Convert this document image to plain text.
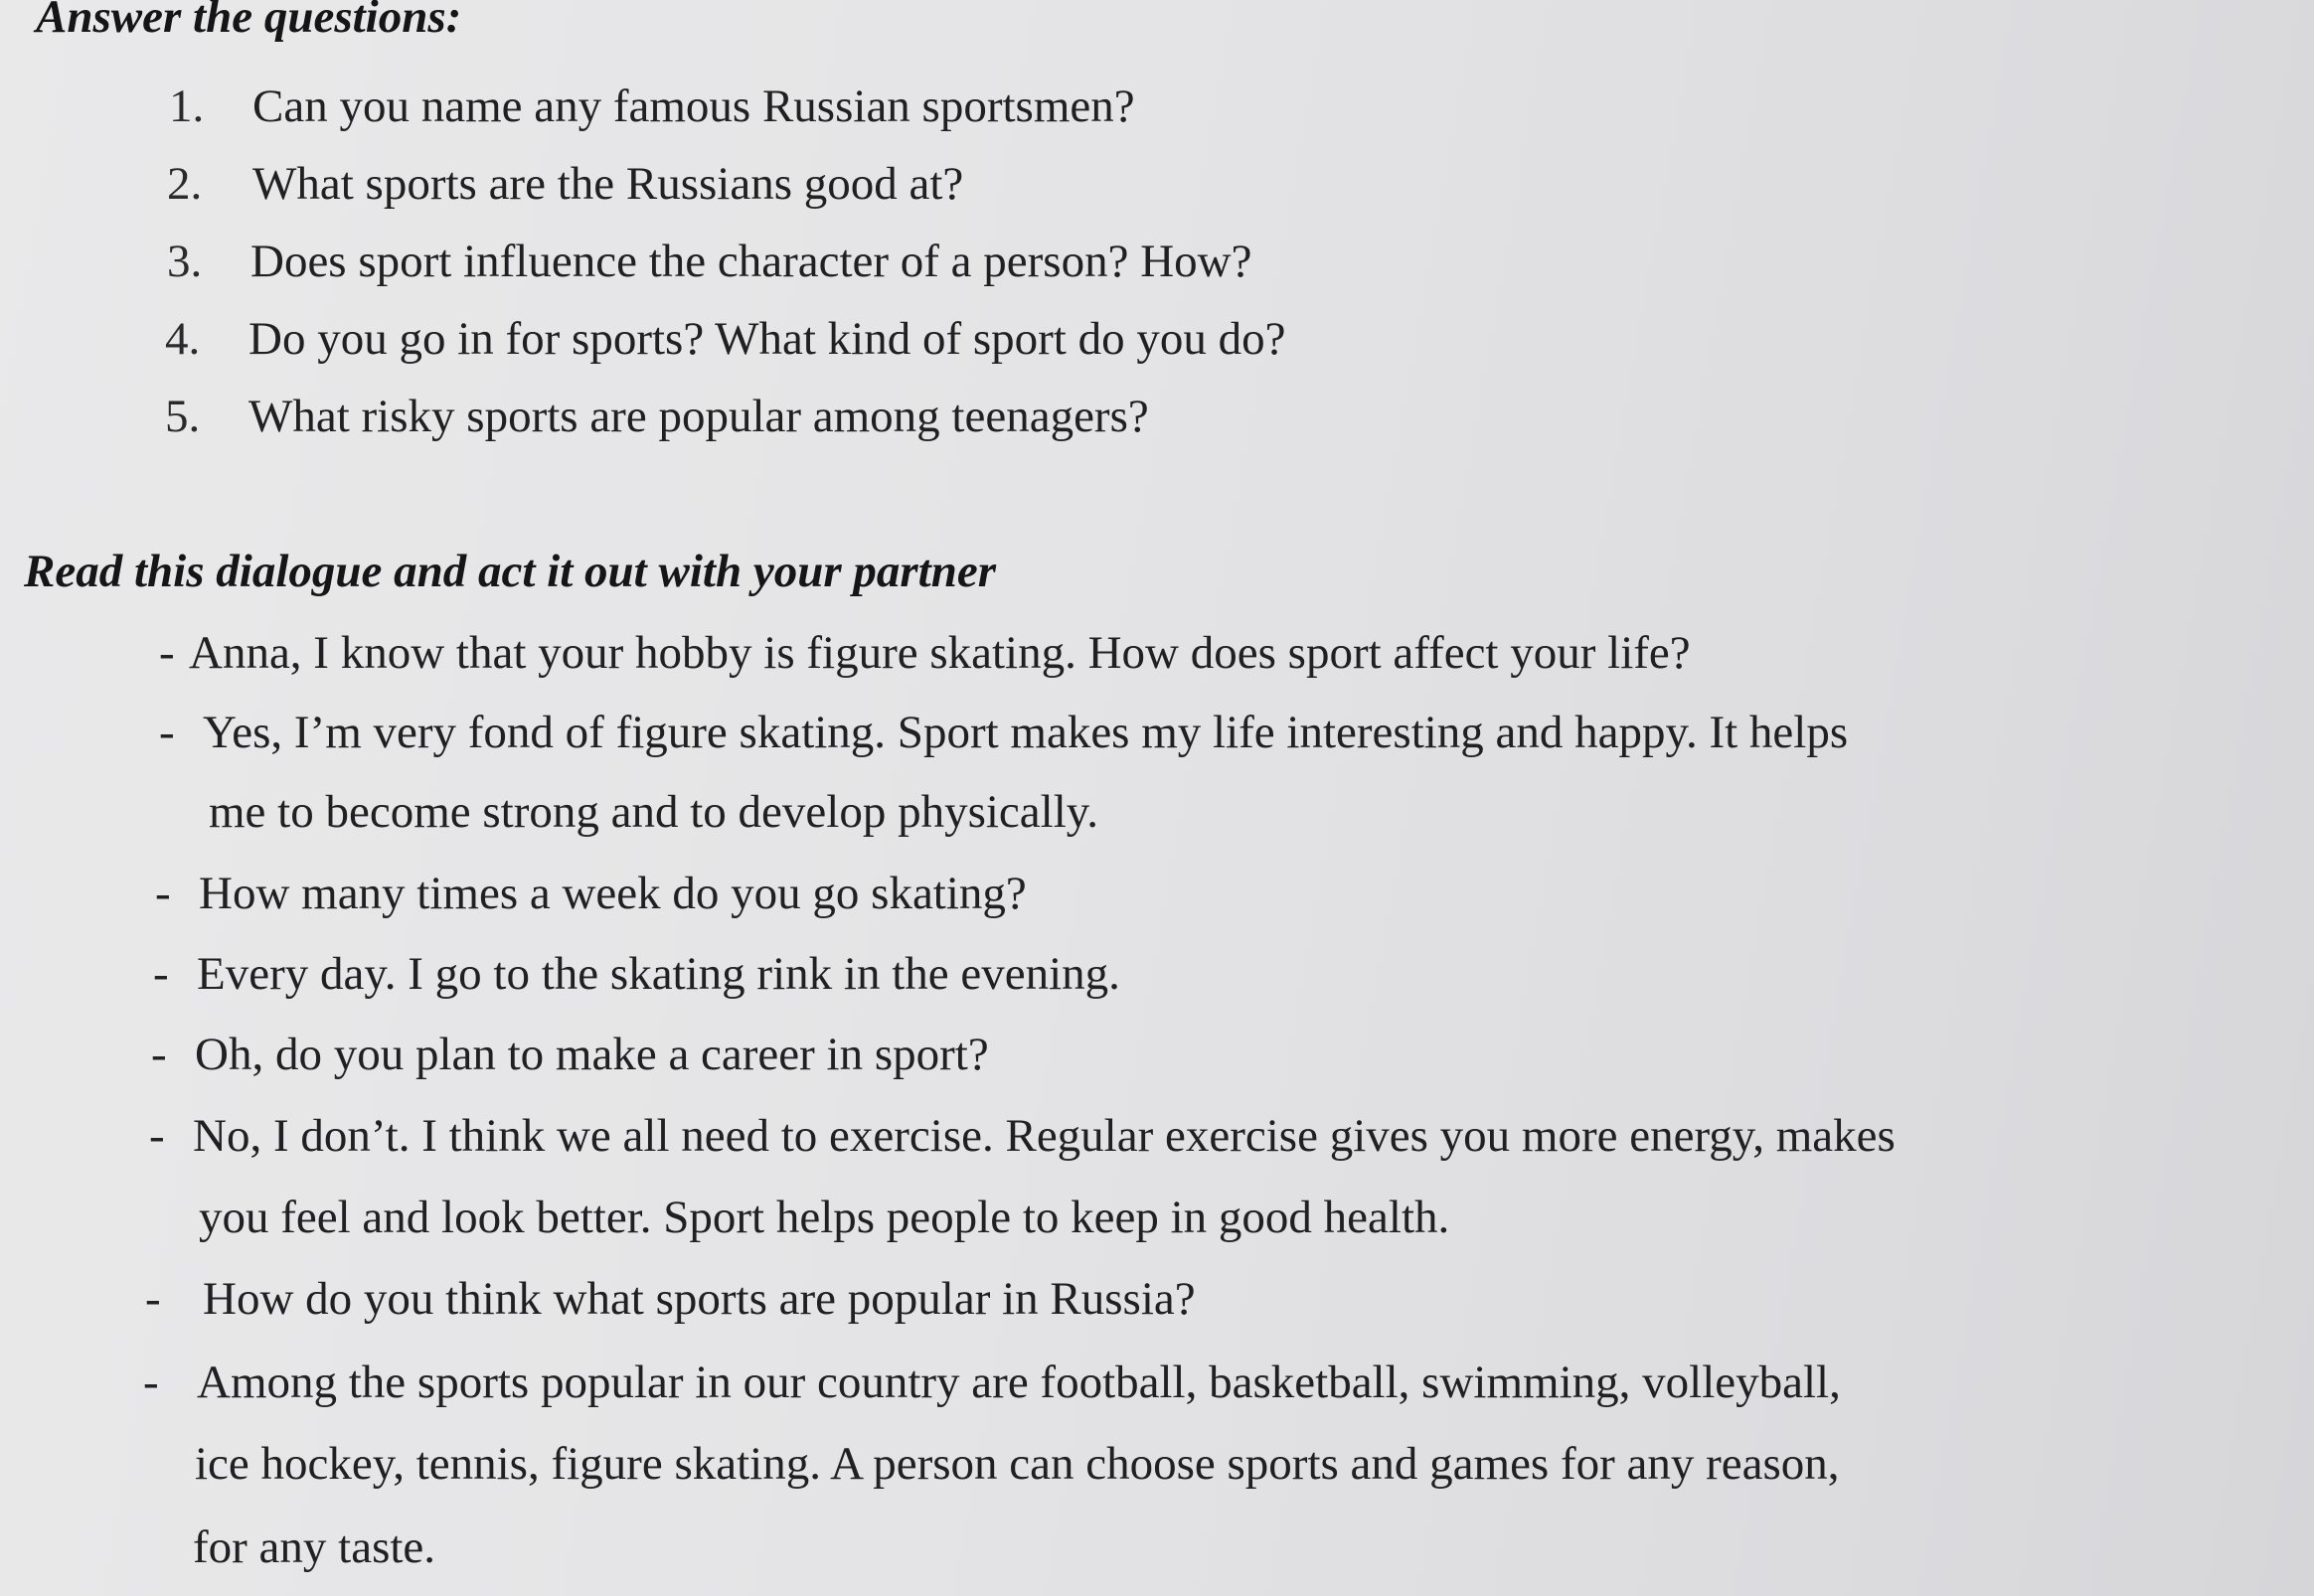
Answer the questions:
1. Can you name any famous Russian sportsmen?
2. What sports are the Russians good at?
3. Does sport influence the character of a person? How?
4. Do you go in for sports? What kind of sport do you do?
5. What risky sports are popular among teenagers?
Read this dialogue and act it out with your partner
- Anna, I know that your hobby is figure skating. How does sport affect your life?
- Yes, I’m very fond of figure skating. Sport makes my life interesting and happy. It helps
me to become strong and to develop physically.
- How many times a week do you go skating?
- Every day. I go to the skating rink in the evening.
- Oh, do you plan to make a career in sport?
- No, I don’t. I think we all need to exercise. Regular exercise gives you more energy, makes
you feel and look better. Sport helps people to keep in good health.
- How do you think what sports are popular in Russia?
- Among the sports popular in our country are football, basketball, swimming, volleyball,
ice hockey, tennis, figure skating. A person can choose sports and games for any reason,
for any taste.
